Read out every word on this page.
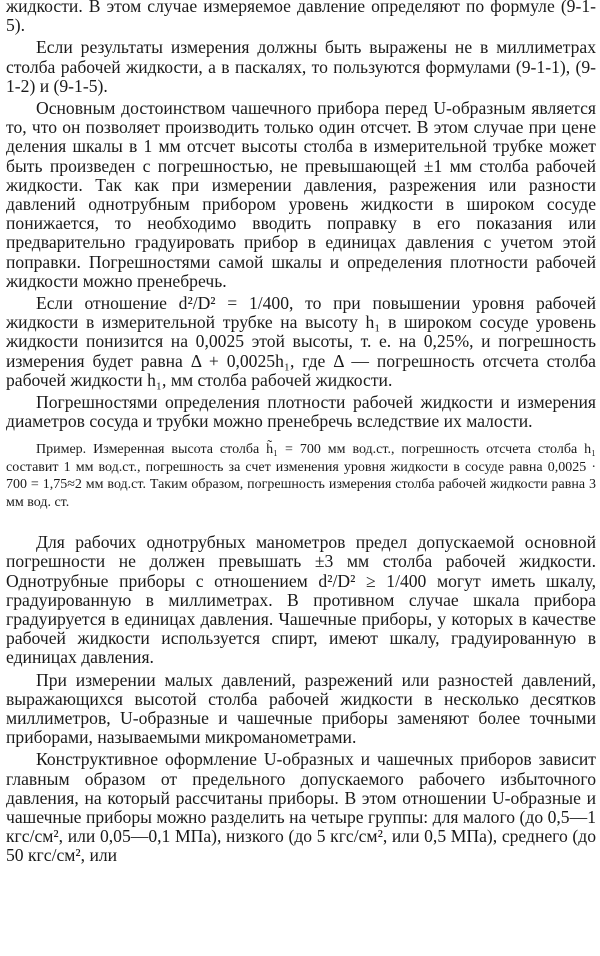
жидкости. В этом случае измеряемое давление определяют по формуле (9-1-5).

Если результаты измерения должны быть выражены не в миллиметрах столба рабочей жидкости, а в паскалях, то пользуются формулами (9-1-1), (9-1-2) и (9-1-5).

Основным достоинством чашечного прибора перед U-образным является то, что он позволяет производить только один отсчет. В этом случае при цене деления шкалы в 1 мм отсчет высоты столба в измерительной трубке может быть произведен с погрешностью, не превышающей ±1 мм столба рабочей жидкости. Так как при измерении давления, разрежения или разности давлений однотрубным прибором уровень жидкости в широком сосуде понижается, то необходимо вводить поправку в его показания или предварительно градуировать прибор в единицах давления с учетом этой поправки. Погрешностями самой шкалы и определения плотности рабочей жидкости можно пренебречь.

Если отношение d²/D² = 1/400, то при повышении уровня рабочей жидкости в измерительной трубке на высоту h₁ в широком сосуде уровень жидкости понизится на 0,0025 этой высоты, т. е. на 0,25%, и погрешность измерения будет равна Δ + 0,0025h₁, где Δ — погрешность отсчета столба рабочей жидкости h₁, мм столба рабочей жидкости.

Погрешностями определения плотности рабочей жидкости и измерения диаметров сосуда и трубки можно пренебречь вследствие их малости.

Пример. Измеренная высота столба h̃₁ = 700 мм вод.ст., погрешность отсчета столба h₁ составит 1 мм вод.ст., погрешность за счет изменения уровня жидкости в сосуде равна 0,0025 · 700 = 1,75≈2 мм вод.ст. Таким образом, погрешность измерения столба рабочей жидкости равна 3 мм вод. ст.

Для рабочих однотрубных манометров предел допускаемой основной погрешности не должен превышать ±3 мм столба рабочей жидкости. Однотрубные приборы с отношением d²/D² ≥ 1/400 могут иметь шкалу, градуированную в миллиметрах. В противном случае шкала прибора градуируется в единицах давления. Чашечные приборы, у которых в качестве рабочей жидкости используется спирт, имеют шкалу, градуированную в единицах давления.

При измерении малых давлений, разрежений или разностей давлений, выражающихся высотой столба рабочей жидкости в несколько десятков миллиметров, U-образные и чашечные приборы заменяют более точными приборами, называемыми микроманометрами.

Конструктивное оформление U-образных и чашечных приборов зависит главным образом от предельного допускаемого рабочего избыточного давления, на который рассчитаны приборы. В этом отношении U-образные и чашечные приборы можно разделить на четыре группы: для малого (до 0,5—1 кгс/см², или 0,05—0,1 МПа), низкого (до 5 кгс/см², или 0,5 МПа), среднего (до 50 кгс/см², или
